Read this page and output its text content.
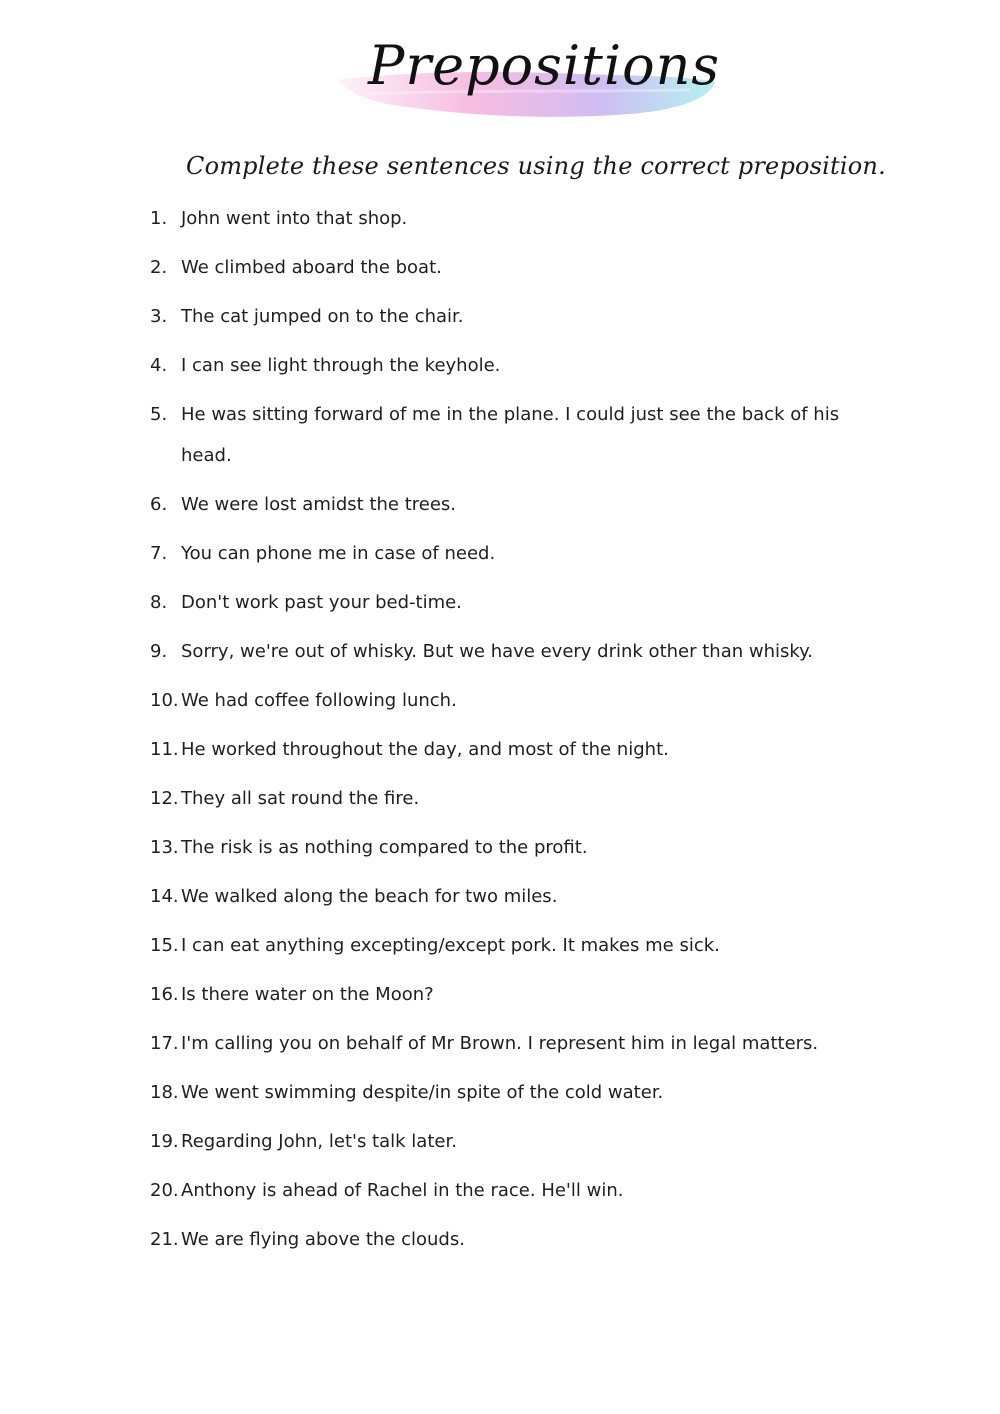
Prepositions

Complete these sentences using the correct preposition.

1. John went into that shop.
2. We climbed aboard the boat.
3. The cat jumped on to the chair.
4. I can see light through the keyhole.
5. He was sitting forward of me in the plane. I could just see the back of his head.
6. We were lost amidst the trees.
7. You can phone me in case of need.
8. Don't work past your bed-time.
9. Sorry, we're out of whisky. But we have every drink other than whisky.
10. We had coffee following lunch.
11. He worked throughout the day, and most of the night.
12. They all sat round the fire.
13. The risk is as nothing compared to the profit.
14. We walked along the beach for two miles.
15. I can eat anything excepting/except pork. It makes me sick.
16. Is there water on the Moon?
17. I'm calling you on behalf of Mr Brown. I represent him in legal matters.
18. We went swimming despite/in spite of the cold water.
19. Regarding John, let's talk later.
20. Anthony is ahead of Rachel in the race. He'll win.
21. We are flying above the clouds.
